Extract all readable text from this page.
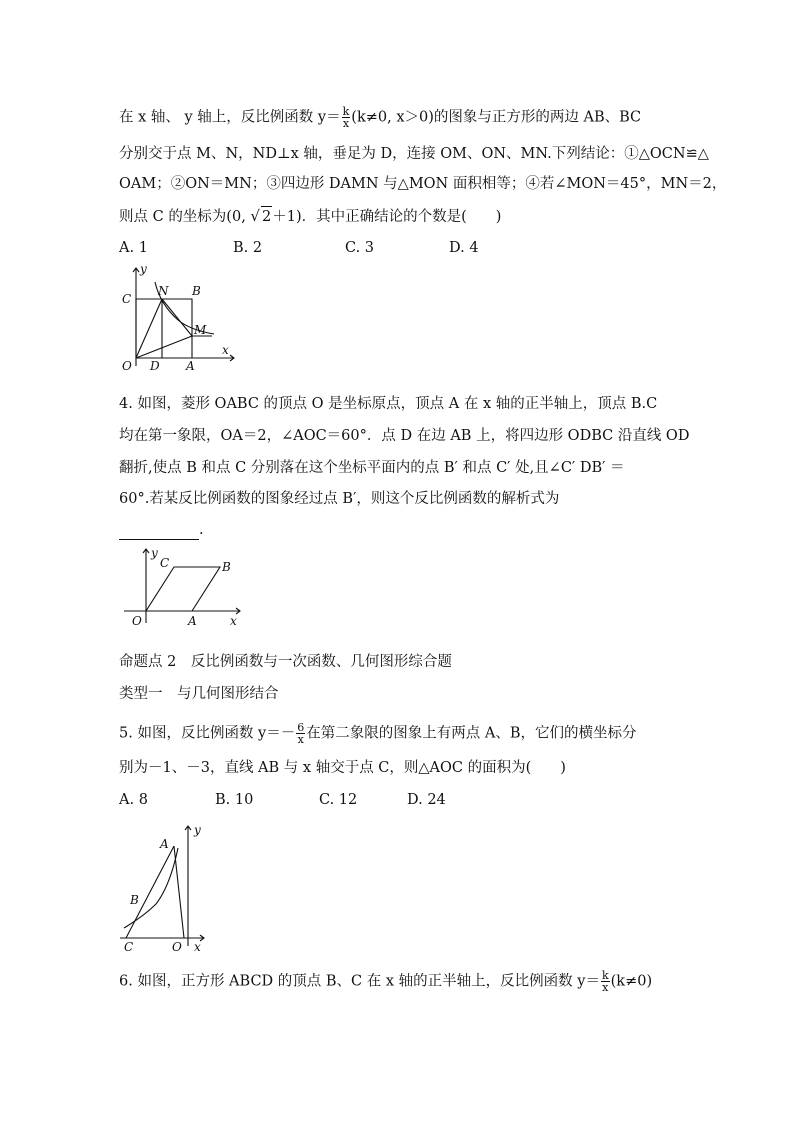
在 x 轴、 y 轴上，反比例函数 $y= \frac{k}{x} (k\ne 0$, x＞0)的图象与正方形的两边 AB、BC
分别交于点 M、N，ND⊥x 轴，垂足为 D，连接 OM、ON、MN.下列结论：①△OCN≌△
OAM；②ON＝MN；③四边形 DAMN 与△MON 面积相等；④若∠MON＝45°，MN＝2，
则点 C 的坐标为(0, √ 2＋1)．其中正确结论的个数是(　　)
A. 1	B. 2	C. 3	D. 4
y
x
C
N B
M
O D A
4. 如图，菱形 OABC 的顶点 O 是坐标原点，顶点 A 在 x 轴的正半轴上，顶点 B.C
均在第一象限，OA＝2，∠AOC＝60°．点 D 在边 AB 上，将四边形 ODBC 沿直线 OD
翻折,使点 B 和点 C 分别落在这个坐标平面内的点 B′ 和点 C′ 处,且∠C′ DB′ ＝
60°.若某反比例函数的图象经过点 B′，则这个反比例函数的解析式为
.
y
C	B
O	A	x
命题点 2　反比例函数与一次函数、几何图形综合题
类型一　与几何图形结合
5. 如图，反比例函数 $y=- \frac{6}{x}$ 在第二象限的图象上有两点 A、B，它们的横坐标分
别为－1、－3，直线 AB 与 x 轴交于点 C，则△AOC 的面积为(　　)
A. 8	B. 10	C. 12	D. 24
A
y
B
C	O x
6. 如图，正方形 ABCD 的顶点 B、C 在 x 轴的正半轴上，反比例函数 $y= \frac{k}{x} (k\ne 0)$
